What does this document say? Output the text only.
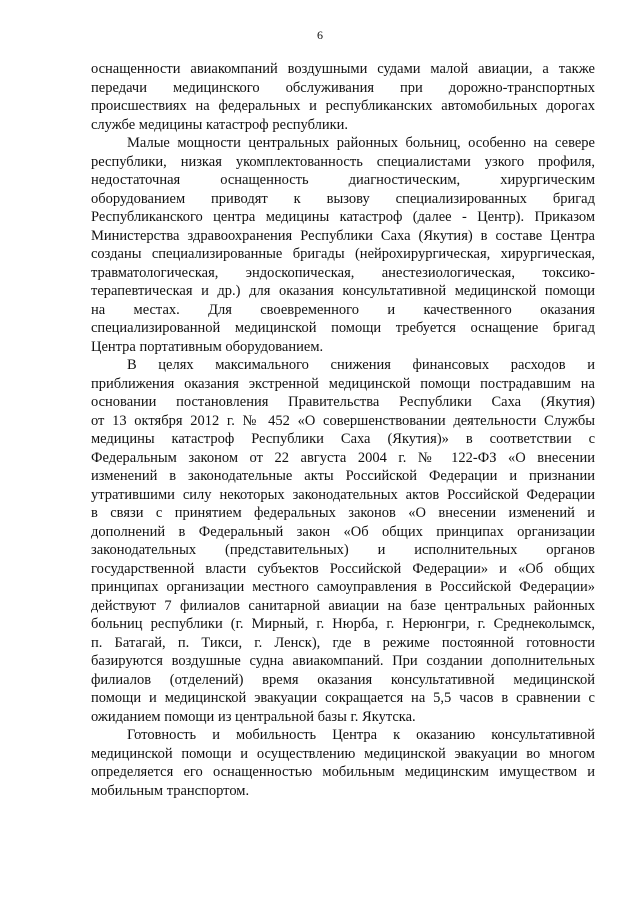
6
оснащенности авиакомпаний воздушными судами малой авиации, а также
передачи медицинского обслуживания при дорожно-транспортных
происшествиях на федеральных и республиканских автомобильных дорогах
службе медицины катастроф республики.
Малые мощности центральных районных больниц, особенно на севере
республики, низкая укомплектованность специалистами узкого профиля,
недостаточная оснащенность диагностическим, хирургическим
оборудованием приводят к вызову специализированных бригад
Республиканского центра медицины катастроф (далее - Центр). Приказом
Министерства здравоохранения Республики Саха (Якутия) в составе Центра
созданы специализированные бригады (нейрохирургическая, хирургическая,
травматологическая, эндоскопическая, анестезиологическая, токсико-
терапевтическая и др.) для оказания консультативной медицинской помощи
на местах. Для своевременного и качественного оказания
специализированной медицинской помощи требуется оснащение бригад
Центра портативным оборудованием.
В целях максимального снижения финансовых расходов и
приближения оказания экстренной медицинской помощи пострадавшим на
основании постановления Правительства Республики Саха (Якутия)
от 13 октября 2012 г. № 452 «О совершенствовании деятельности Службы
медицины катастроф Республики Саха (Якутия)» в соответствии с
Федеральным законом от 22 августа 2004 г. № 122-ФЗ «О внесении
изменений в законодательные акты Российской Федерации и признании
утратившими силу некоторых законодательных актов Российской Федерации
в связи с принятием федеральных законов «О внесении изменений и
дополнений в Федеральный закон «Об общих принципах организации
законодательных (представительных) и исполнительных органов
государственной власти субъектов Российской Федерации» и «Об общих
принципах организации местного самоуправления в Российской Федерации»
действуют 7 филиалов санитарной авиации на базе центральных районных
больниц республики (г. Мирный, г. Нюрба, г. Нерюнгри, г. Среднеколымск,
п. Батагай, п. Тикси, г. Ленск), где в режиме постоянной готовности
базируются воздушные судна авиакомпаний. При создании дополнительных
филиалов (отделений) время оказания консультативной медицинской
помощи и медицинской эвакуации сокращается на 5,5 часов в сравнении с
ожиданием помощи из центральной базы г. Якутска.
Готовность и мобильность Центра к оказанию консультативной
медицинской помощи и осуществлению медицинской эвакуации во многом
определяется его оснащенностью мобильным медицинским имуществом и
мобильным транспортом.
